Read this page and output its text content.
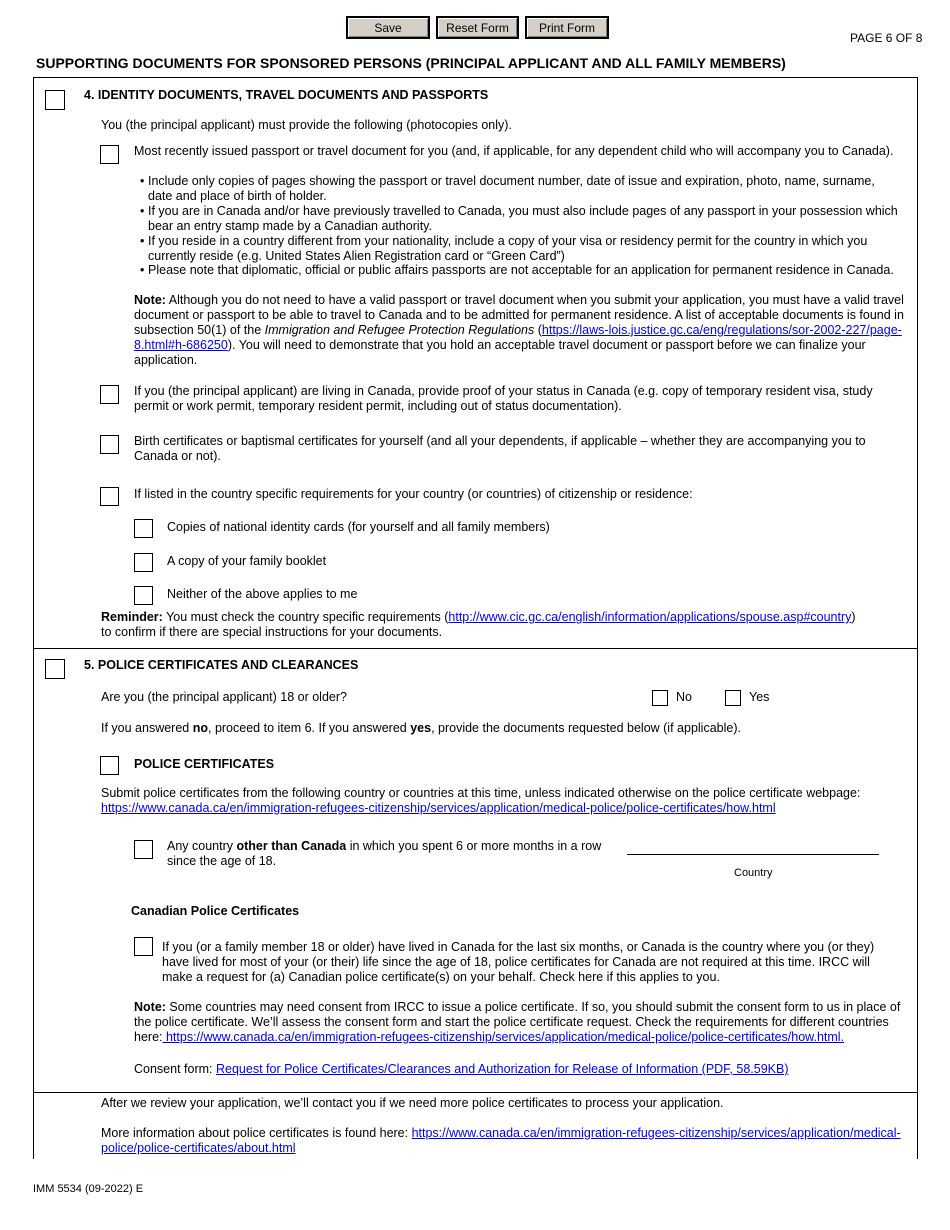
Save	Reset Form	Print Form
PAGE 6 OF 8
SUPPORTING DOCUMENTS FOR SPONSORED PERSONS (PRINCIPAL APPLICANT AND ALL FAMILY MEMBERS)
4. IDENTITY DOCUMENTS, TRAVEL DOCUMENTS AND PASSPORTS
You (the principal applicant) must provide the following (photocopies only).
Most recently issued passport or travel document for you (and, if applicable, for any dependent child who will accompany you to Canada).
• Include only copies of pages showing the passport or travel document number, date of issue and expiration, photo, name, surname, date and place of birth of holder.
• If you are in Canada and/or have previously travelled to Canada, you must also include pages of any passport in your possession which bear an entry stamp made by a Canadian authority.
• If you reside in a country different from your nationality, include a copy of your visa or residency permit for the country in which you currently reside (e.g. United States Alien Registration card or “Green Card”)
• Please note that diplomatic, official or public affairs passports are not acceptable for an application for permanent residence in Canada.
Note: Although you do not need to have a valid passport or travel document when you submit your application, you must have a valid travel document or passport to be able to travel to Canada and to be admitted for permanent residence. A list of acceptable documents is found in subsection 50(1) of the Immigration and Refugee Protection Regulations (https://laws-lois.justice.gc.ca/eng/regulations/sor-2002-227/page-8.html#h-686250). You will need to demonstrate that you hold an acceptable travel document or passport before we can finalize your application.
If you (the principal applicant) are living in Canada, provide proof of your status in Canada (e.g. copy of temporary resident visa, study permit or work permit, temporary resident permit, including out of status documentation).
Birth certificates or baptismal certificates for yourself (and all your dependents, if applicable – whether they are accompanying you to Canada or not).
If listed in the country specific requirements for your country (or countries) of citizenship or residence:
Copies of national identity cards (for yourself and all family members)
A copy of your family booklet
Neither of the above applies to me
Reminder: You must check the country specific requirements (http://www.cic.gc.ca/english/information/applications/spouse.asp#country)
to confirm if there are special instructions for your documents.
5. POLICE CERTIFICATES AND CLEARANCES
Are you (the principal applicant) 18 or older?	No	Yes
If you answered no, proceed to item 6. If you answered yes, provide the documents requested below (if applicable).
POLICE CERTIFICATES
Submit police certificates from the following country or countries at this time, unless indicated otherwise on the police certificate webpage:
https://www.canada.ca/en/immigration-refugees-citizenship/services/application/medical-police/police-certificates/how.html
Any country other than Canada in which you spent 6 or more months in a row since the age of 18.
Country
Canadian Police Certificates
If you (or a family member 18 or older) have lived in Canada for the last six months, or Canada is the country where you (or they) have lived for most of your (or their) life since the age of 18, police certificates for Canada are not required at this time. IRCC will make a request for (a) Canadian police certificate(s) on your behalf. Check here if this applies to you.
Note: Some countries may need consent from IRCC to issue a police certificate. If so, you should submit the consent form to us in place of the police certificate. We’ll assess the consent form and start the police certificate request. Check the requirements for different countries here: https://www.canada.ca/en/immigration-refugees-citizenship/services/application/medical-police/police-certificates/how.html.
Consent form: Request for Police Certificates/Clearances and Authorization for Release of Information (PDF, 58.59KB)
After we review your application, we’ll contact you if we need more police certificates to process your application.
More information about police certificates is found here: https://www.canada.ca/en/immigration-refugees-citizenship/services/application/medical-police/police-certificates/about.html
IMM 5534 (09-2022) E
